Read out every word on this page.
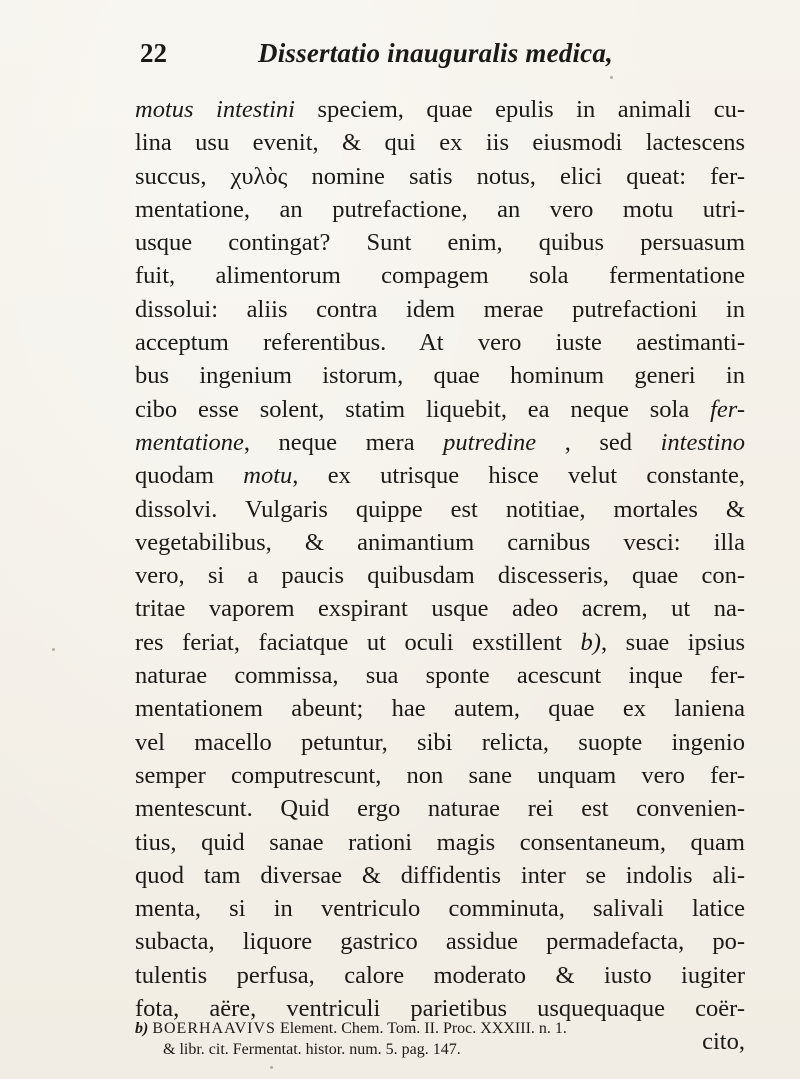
22	Dissertatio inauguralis medica,
motus intestini speciem, quae epulis in animali cu-
lina usu evenit, & qui ex iis eiusmodi lactescens
succus, χυλὸς nomine satis notus, elici queat: fer-
mentatione, an putrefactione, an vero motu utri-
usque contingat? Sunt enim, quibus persuasum
fuit, alimentorum compagem sola fermentatione
dissolui: aliis contra idem merae putrefactioni in
acceptum referentibus. At vero iuste aestimanti-
bus ingenium istorum, quae hominum generi in
cibo esse solent, statim liquebit, ea neque sola fer-
mentatione, neque mera putredine , sed intestino
quodam motu, ex utrisque hisce velut constante,
dissolvi. Vulgaris quippe est notitiae, mortales &
vegetabilibus, & animantium carnibus vesci: illa
vero, si a paucis quibusdam discesseris, quae con-
tritae vaporem exspirant usque adeo acrem, ut na-
res feriat, faciatque ut oculi exstillent b), suae ipsius
naturae commissa, sua sponte acescunt inque fer-
mentationem abeunt; hae autem, quae ex laniena
vel macello petuntur, sibi relicta, suopte ingenio
semper computrescunt, non sane unquam vero fer-
mentescunt. Quid ergo naturae rei est convenien-
tius, quid sanae rationi magis consentaneum, quam
quod tam diversae & diffidentis inter se indolis ali-
menta, si in ventriculo comminuta, salivali latice
subacta, liquore gastrico assidue permadefacta, po-
tulentis perfusa, calore moderato & iusto iugiter
fota, aëre, ventriculi parietibus usquequaque coër-
cito,
b) BOERHAAVIVS Element. Chem. Tom. II. Proc. XXXIII. n. 1.
& libr. cit. Fermentat. histor. num. 5. pag. 147.
